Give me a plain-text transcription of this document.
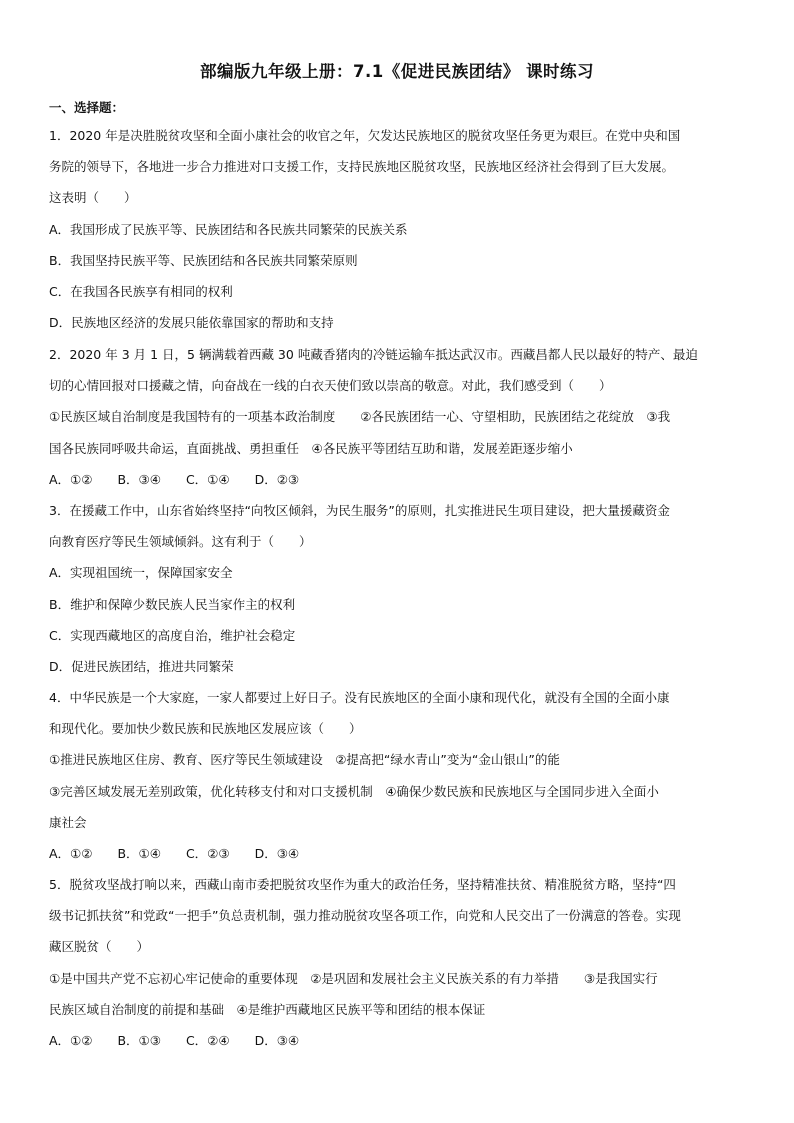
部编版九年级上册：7.1《促进民族团结》 课时练习
一、选择题：

1．2020 年是决胜脱贫攻坚和全面小康社会的收官之年，欠发达民族地区的脱贫攻坚任务更为艰巨。在党中央和国

务院的领导下，各地进一步合力推进对口支援工作，支持民族地区脱贫攻坚，民族地区经济社会得到了巨大发展。

这表明（　　）

A．我国形成了民族平等、民族团结和各民族共同繁荣的民族关系

B．我国坚持民族平等、民族团结和各民族共同繁荣原则

C．在我国各民族享有相同的权利

D．民族地区经济的发展只能依靠国家的帮助和支持

2．2020 年 3 月 1 日，5 辆满载着西藏 30 吨藏香猪肉的冷链运输车抵达武汉市。西藏昌都人民以最好的特产、最迫

切的心情回报对口援藏之情，向奋战在一线的白衣天使们致以崇高的敬意。对此，我们感受到（　　）

①民族区域自治制度是我国特有的一项基本政治制度　　②各民族团结一心、守望相助，民族团结之花绽放　③我

国各民族同呼吸共命运，直面挑战、勇担重任　④各民族平等团结互助和谐，发展差距逐步缩小

A．①②　　B．③④　　C．①④　　D．②③

3．在援藏工作中，山东省始终坚持“向牧区倾斜，为民生服务”的原则，扎实推进民生项目建设，把大量援藏资金

向教育医疗等民生领域倾斜。这有利于（　　）

A．实现祖国统一，保障国家安全

B．维护和保障少数民族人民当家作主的权利

C．实现西藏地区的高度自治，维护社会稳定

D．促进民族团结，推进共同繁荣

4．中华民族是一个大家庭，一家人都要过上好日子。没有民族地区的全面小康和现代化，就没有全国的全面小康

和现代化。要加快少数民族和民族地区发展应该（　　）

①推进民族地区住房、教育、医疗等民生领域建设　②提高把“绿水青山”变为“金山银山”的能

③完善区域发展无差别政策，优化转移支付和对口支援机制　④确保少数民族和民族地区与全国同步进入全面小

康社会

A．①②　　B．①④　　C．②③　　D．③④

5．脱贫攻坚战打响以来，西藏山南市委把脱贫攻坚作为重大的政治任务，坚持精准扶贫、精准脱贫方略，坚持“四

级书记抓扶贫”和党政“一把手”负总责机制，强力推动脱贫攻坚各项工作，向党和人民交出了一份满意的答卷。实现

藏区脱贫（　　）

①是中国共产党不忘初心牢记使命的重要体现　②是巩固和发展社会主义民族关系的有力举措　　③是我国实行

民族区域自治制度的前提和基础　④是维护西藏地区民族平等和团结的根本保证

A．①②　　B．①③　　C．②④　　D．③④
